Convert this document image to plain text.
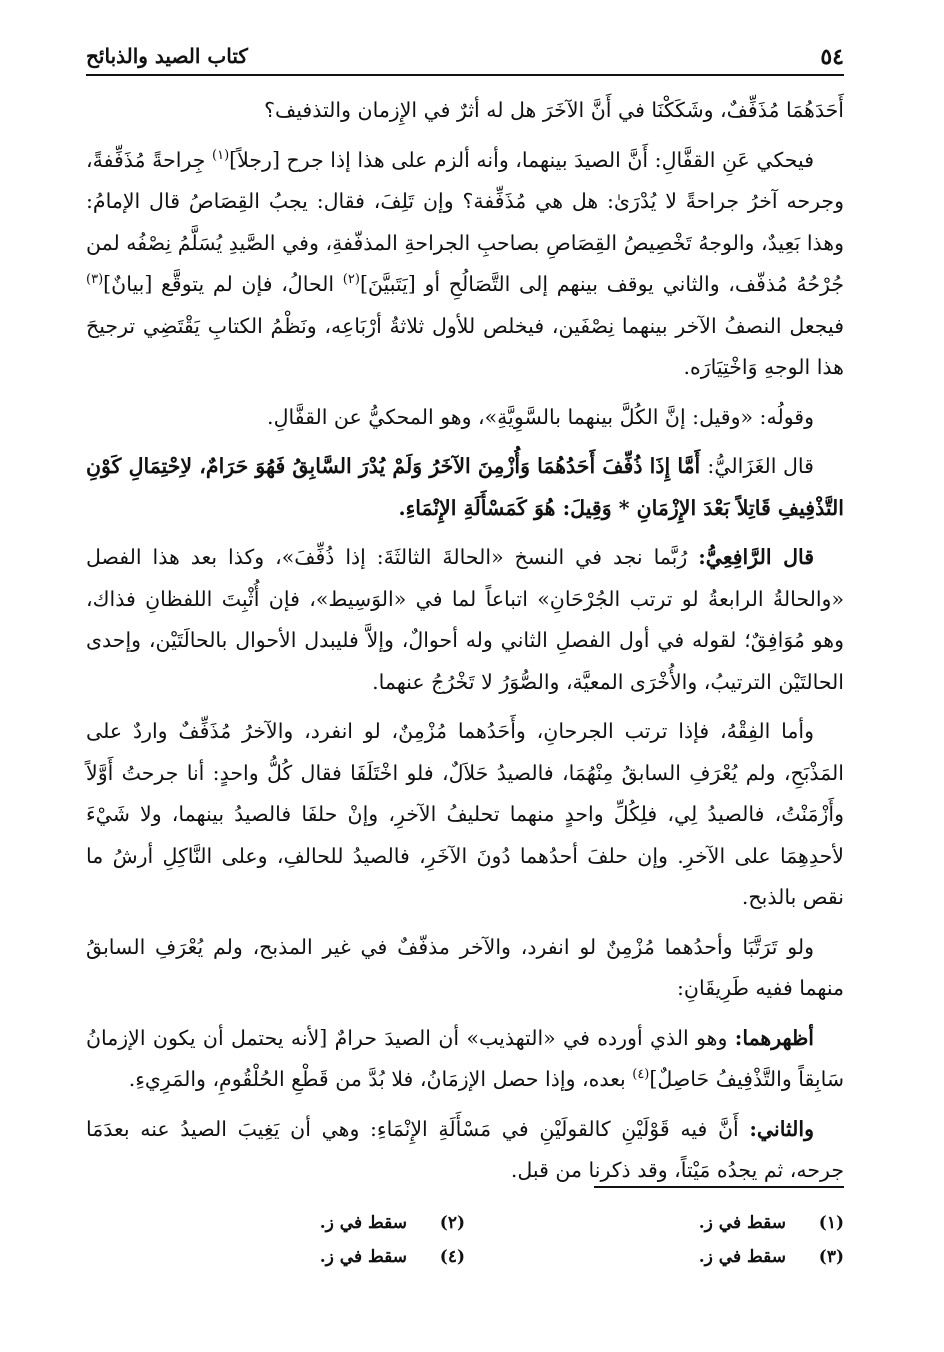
٥٤
كتاب الصيد والذبائح

أَحَدَهُمَا مُذَفِّفٌ، وشَكَكْنَا في أَنَّ الآخَرَ هل له أثرٌ في الإِزمان والتذفيف؟

فيحكي عَنِ القفَّالِ: أَنَّ الصيدَ بينهما، وأنه ألزم على هذا إذا جرح [رجلاً]$^{(١)}$ جِراحةً مُذَفِّفةً، وجرحه آخرُ جراحةً لا يُدْرَىٰ: هل هي مُذَفِّفة؟ وإن تَلِفَ، فقال: يجبُ القِصَاصُ قال الإمامُ: وهذا بَعِيدٌ، والوجهُ تَخْصِيصُ القِصَاصِ بصاحبِ الجراحةِ المذفّفةِ، وفي الصَّيدِ يُسَلَّمُ نِصْفُه لمن جُرْحُهُ مُذفّف، والثاني يوقف بينهم إلى التَّصَالُحِ أو [يَتَبيَّنَ]$^{(٢)}$ الحالُ، فإن لم يتوقَّع [بيانٌ]$^{(٣)}$ فيجعل النصفُ الآخر بينهما نِصْفَين، فيخلص للأول ثلاثةُ أرْبَاعِه، ونَظْمُ الكتابِ يَقْتَضِي ترجيحَ هذا الوجهِ وَاخْتِيَارَه.

وقولُه: «وقيل: إنَّ الكُلَّ بينهما بالسَّوِيَّةِ»، وهو المحكيُّ عن القفَّالِ.

قال الغَزَاليُّ: أَمَّا إِذَا ذُفِّفَ أَحَدُهُمَا وَأُزْمِنَ الآخَرُ وَلَمْ يُدْرَ السَّابِقُ فَهُوَ حَرَامٌ، لاِحْتِمَالِ كَوْنِ التَّذْفِيفِ قَاتِلاً بَعْدَ الإِزْمَانِ * وَقِيلَ: هُوَ كَمَسْأَلَةِ الإِنْمَاءِ.

قال الرَّافِعِيُّ: رُبَّما نجد في النسخ «الحالةَ الثالثَةَ: إذا ذُفِّفَ»، وكذا بعد هذا الفصل «والحالةُ الرابعةُ لو ترتب الجُرْحَانِ» اتباعاً لما في «الوَسِيط»، فإن أُثْبِتَ اللفظانِ فذاك، وهو مُوَافِقٌ؛ لقوله في أول الفصلِ الثاني وله أحوالٌ، وإلاَّ فليبدل الأحوال بالحالَتَيْن، وإحدى الحالتَيْن الترتيبُ، والأُخْرَى المعيَّة، والصُّوَرُ لا تَخْرُجُ عنهما.

وأما الفِقْهُ، فإذا ترتب الجرحانِ، وأَحَدُهما مُزْمِنٌ، لو انفرد، والآخرُ مُذَفِّفٌ واردٌ على المَذْبَحِ، ولم يُعْرَفِ السابقُ مِنْهُمَا، فالصيدُ حَلاَلٌ، فلو اخْتَلَفَا فقال كُلُّ واحدٍ: أنا جرحتُ أَوَّلاً وأَزْمَنْتُ، فالصيدُ لِي، فلِكُلِّ واحدٍ منهما تحليفُ الآخرِ، وإنْ حلفَا فالصيدُ بينهما، ولا شَيْءَ لأحدِهِمَا على الآخرِ. وإن حلفَ أحدُهما دُونَ الآخَرِ، فالصيدُ للحالفِ، وعلى النَّاكِلِ أرشُ ما نقص بالذبح.

ولو تَرَتَّبَا وأحدُهما مُزْمِنٌ لو انفرد، والآخر مذفّفٌ في غير المذبح، ولم يُعْرَفِ السابقُ منهما ففيه طَرِيقَانِ:

أظهرهما: وهو الذي أورده في «التهذيب» أن الصيدَ حرامٌ [لأنه يحتمل أن يكون الإزمانُ سَابِقاً والتَّذْفِيفُ حَاصِلٌ]$^{(٤)}$ بعده، وإذا حصل الإزمَانُ، فلا بُدَّ من قَطْعِ الحُلْقُومِ، والمَرِيءِ.

والثاني: أَنَّ فيه قَوْلَيْنِ كالقولَيْنِ في مَسْأَلَةِ الإِنْمَاءِ: وهي أن يَغِيبَ الصيدُ عنه بعدَمَا جرحه، ثم يجدُه مَيْتاً، وقد ذكرنا من قبل.

(١)
سقط في ز.
(٢)
سقط في ز.
(٣)
سقط في ز.
(٤)
سقط في ز.
